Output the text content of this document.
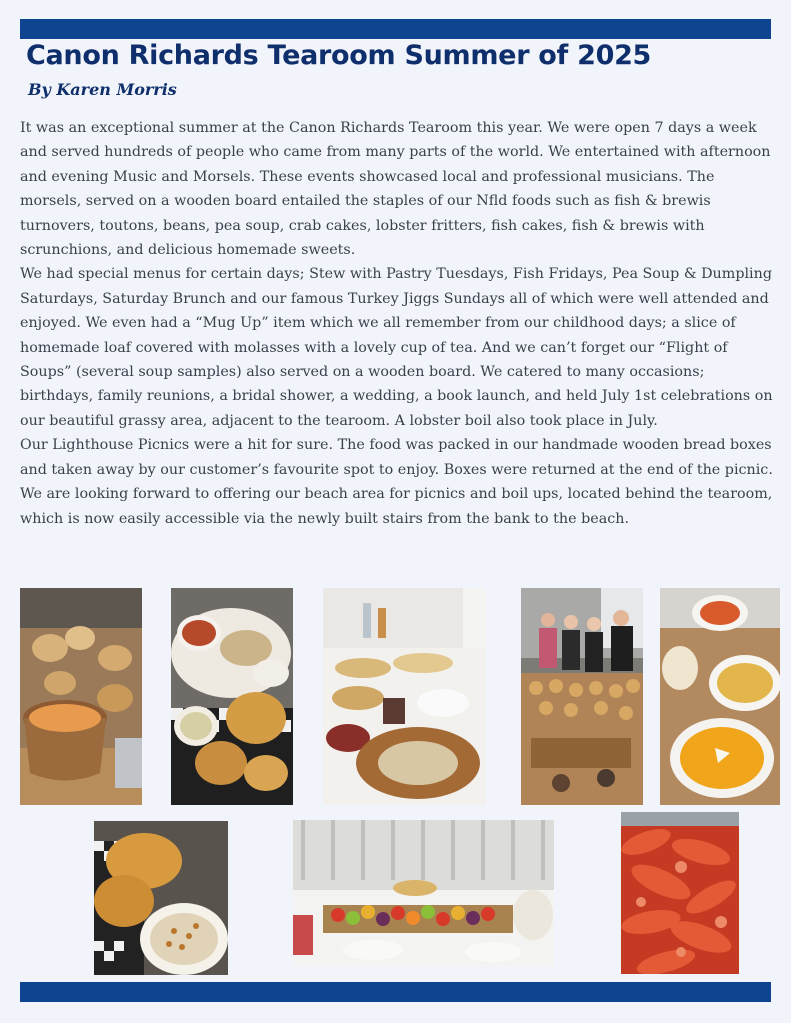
Canon Richards Tearoom Summer of 2025
By Karen Morris

It was an exceptional summer at the Canon Richards Tearoom this year. We were open 7 days a week and served hundreds of people who came from many parts of the world. We entertained with afternoon and evening Music and Morsels. These events showcased local and professional musicians. The morsels, served on a wooden board entailed the staples of our Nfld foods such as fish & brewis turnovers, toutons, beans, pea soup, crab cakes, lobster fritters, fish cakes, fish & brewis with scrunchions, and delicious homemade sweets.

We had special menus for certain days; Stew with Pastry Tuesdays, Fish Fridays, Pea Soup & Dumpling Saturdays, Saturday Brunch and our famous Turkey Jiggs Sundays all of which were well attended and enjoyed. We even had a “Mug Up” item which we all remember from our childhood days; a slice of homemade loaf covered with molasses with a lovely cup of tea. And we can’t forget our “Flight of Soups” (several soup samples) also served on a wooden board. We catered to many occasions; birthdays, family reunions, a bridal shower, a wedding, a book launch, and held July 1st celebrations on our beautiful grassy area, adjacent to the tearoom. A lobster boil also took place in July.

Our Lighthouse Picnics were a hit for sure. The food was packed in our handmade wooden bread boxes and taken away by our customer’s favourite spot to enjoy. Boxes were returned at the end of the picnic. We are looking forward to offering our beach area for picnics and boil ups, located behind the tearoom, which is now easily accessible via the newly built stairs from the bank to the beach.
